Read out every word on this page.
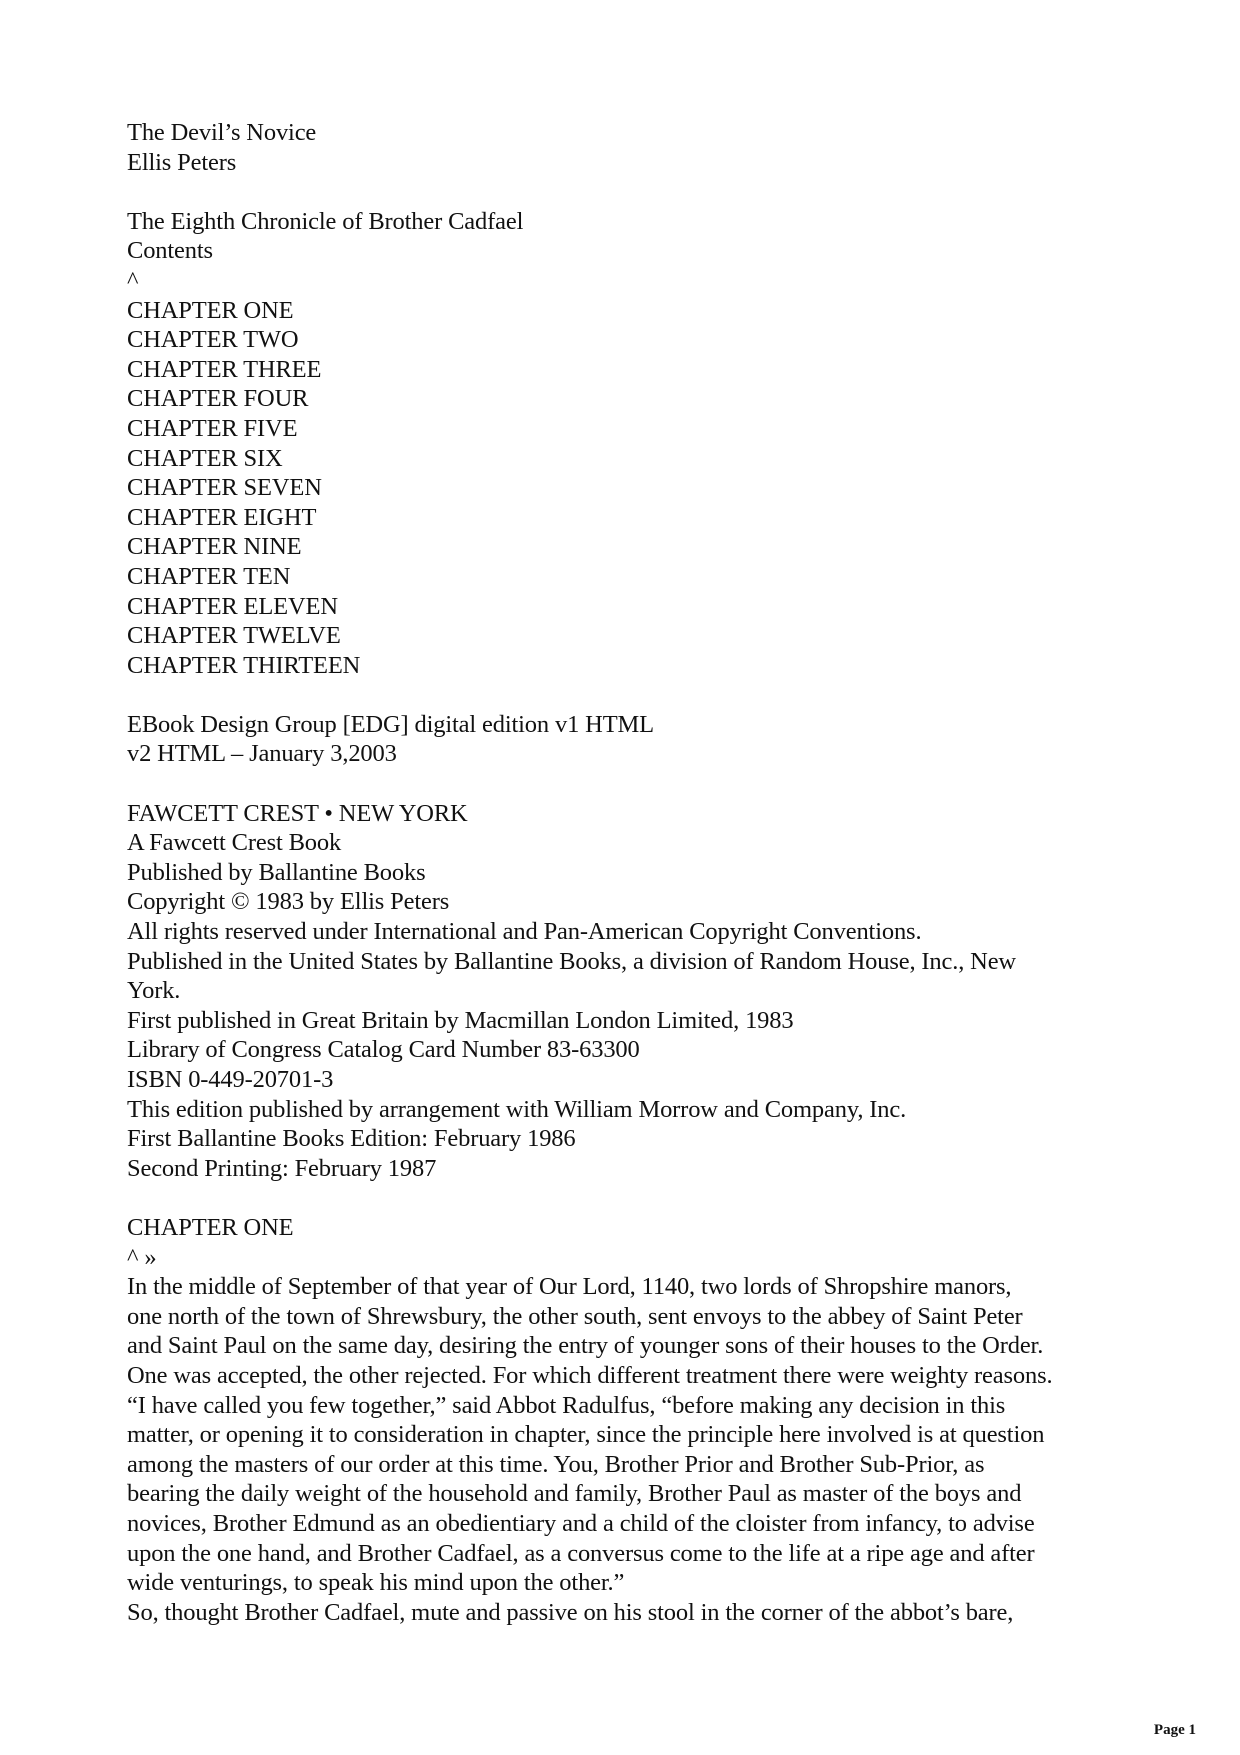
The Devil’s Novice
Ellis Peters
The Eighth Chronicle of Brother Cadfael
Contents
^
CHAPTER ONE
CHAPTER TWO
CHAPTER THREE
CHAPTER FOUR
CHAPTER FIVE
CHAPTER SIX
CHAPTER SEVEN
CHAPTER EIGHT
CHAPTER NINE
CHAPTER TEN
CHAPTER ELEVEN
CHAPTER TWELVE
CHAPTER THIRTEEN
EBook Design Group [EDG] digital edition v1 HTML
v2 HTML – January 3,2003
FAWCETT CREST • NEW YORK
A Fawcett Crest Book
Published by Ballantine Books
Copyright © 1983 by Ellis Peters
All rights reserved under International and Pan-American Copyright Conventions.
Published in the United States by Ballantine Books, a division of Random House, Inc., New
York.
First published in Great Britain by Macmillan London Limited, 1983
Library of Congress Catalog Card Number 83-63300
ISBN 0-449-20701-3
This edition published by arrangement with William Morrow and Company, Inc.
First Ballantine Books Edition: February 1986
Second Printing: February 1987
CHAPTER ONE
^ »
In the middle of September of that year of Our Lord, 1140, two lords of Shropshire manors,
one north of the town of Shrewsbury, the other south, sent envoys to the abbey of Saint Peter
and Saint Paul on the same day, desiring the entry of younger sons of their houses to the Order.
One was accepted, the other rejected. For which different treatment there were weighty reasons.
“I have called you few together,” said Abbot Radulfus, “before making any decision in this
matter, or opening it to consideration in chapter, since the principle here involved is at question
among the masters of our order at this time. You, Brother Prior and Brother Sub-Prior, as
bearing the daily weight of the household and family, Brother Paul as master of the boys and
novices, Brother Edmund as an obedientiary and a child of the cloister from infancy, to advise
upon the one hand, and Brother Cadfael, as a conversus come to the life at a ripe age and after
wide venturings, to speak his mind upon the other.”
So, thought Brother Cadfael, mute and passive on his stool in the corner of the abbot’s bare,
Page 1
